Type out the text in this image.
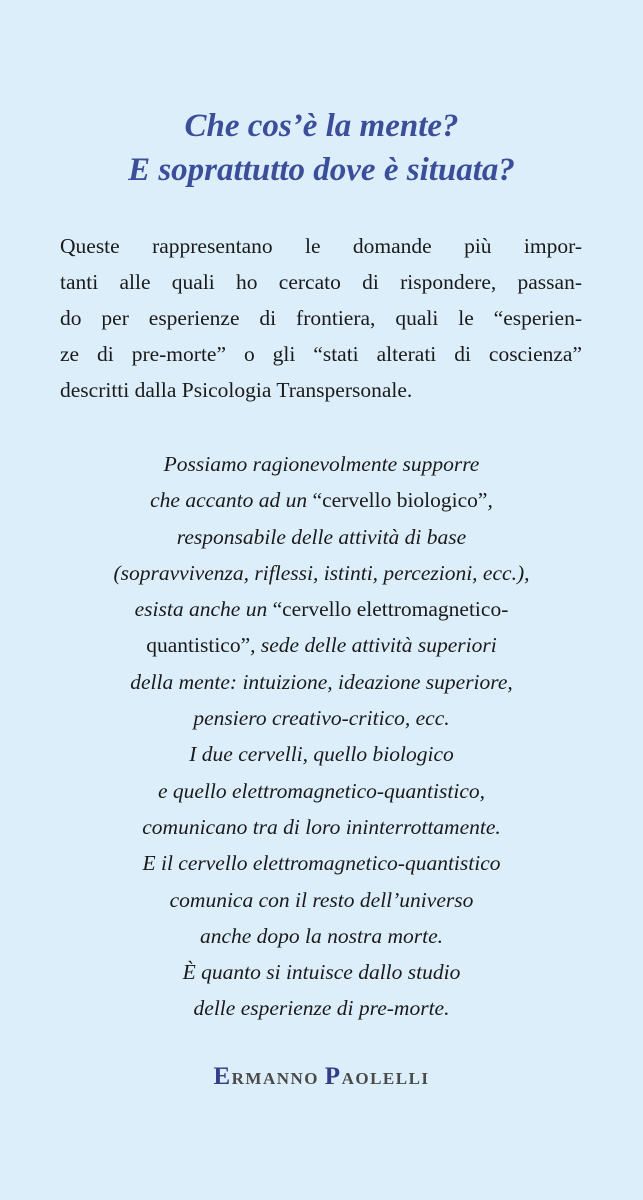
Che cos’è la mente?
E soprattutto dove è situata?
Queste rappresentano le domande più impor-
tanti alle quali ho cercato di rispondere, passan-
do per esperienze di frontiera, quali le “esperien-
ze di pre-morte” o gli “stati alterati di coscienza”
descritti dalla Psicologia Transpersonale.
Possiamo ragionevolmente supporre
che accanto ad un “cervello biologico”,
responsabile delle attività di base
(sopravvivenza, riflessi, istinti, percezioni, ecc.),
esista anche un “cervello elettromagnetico-
quantistico”, sede delle attività superiori
della mente: intuizione, ideazione superiore,
pensiero creativo-critico, ecc.
I due cervelli, quello biologico
e quello elettromagnetico-quantistico,
comunicano tra di loro ininterrottamente.
E il cervello elettromagnetico-quantistico
comunica con il resto dell’universo
anche dopo la nostra morte.
È quanto si intuisce dallo studio
delle esperienze di pre-morte.
ERMANNO PAOLELLI
